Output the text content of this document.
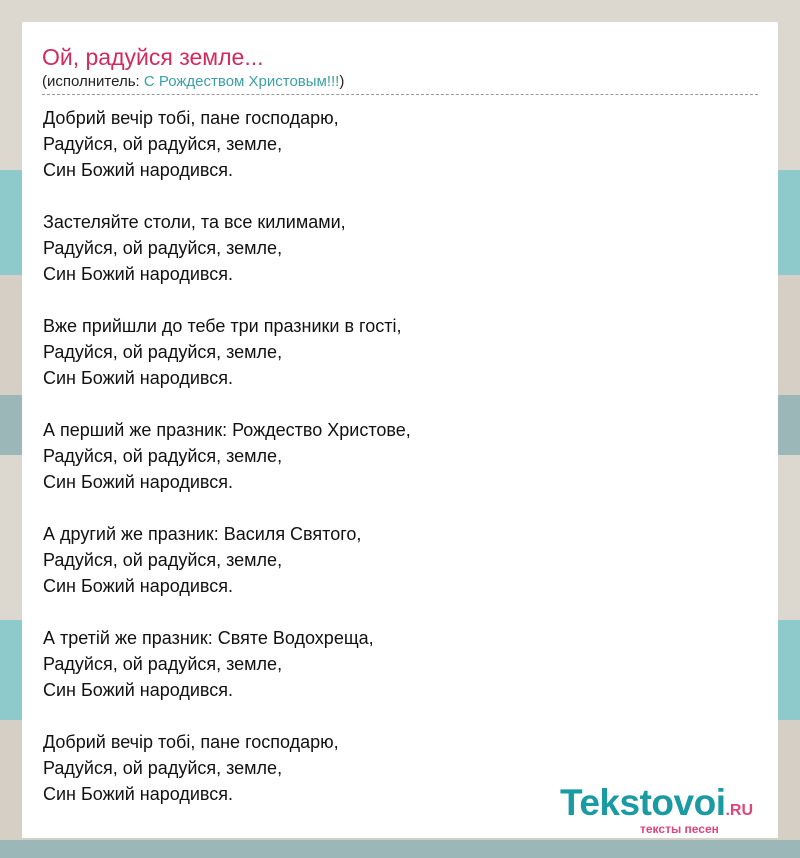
Ой, радуйся земле...
(исполнитель: С Рождеством Христовым!!!)
Добрий вечір тобі, пане господарю,
Радуйся, ой радуйся, земле,
Син Божий народився.
Застеляйте столи, та все килимами,
Радуйся, ой радуйся, земле,
Син Божий народився.
Вже прийшли до тебе три празники в гості,
Радуйся, ой радуйся, земле,
Син Божий народився.
А перший же празник: Рождество Христове,
Радуйся, ой радуйся, земле,
Син Божий народився.
А другий же празник: Василя Святого,
Радуйся, ой радуйся, земле,
Син Божий народився.
А третій же празник: Святе Водохреща,
Радуйся, ой радуйся, земле,
Син Божий народився.
Добрий вечір тобі, пане господарю,
Радуйся, ой радуйся, земле,
Син Божий народився.	Tekstovoi.RU
тексты песен
